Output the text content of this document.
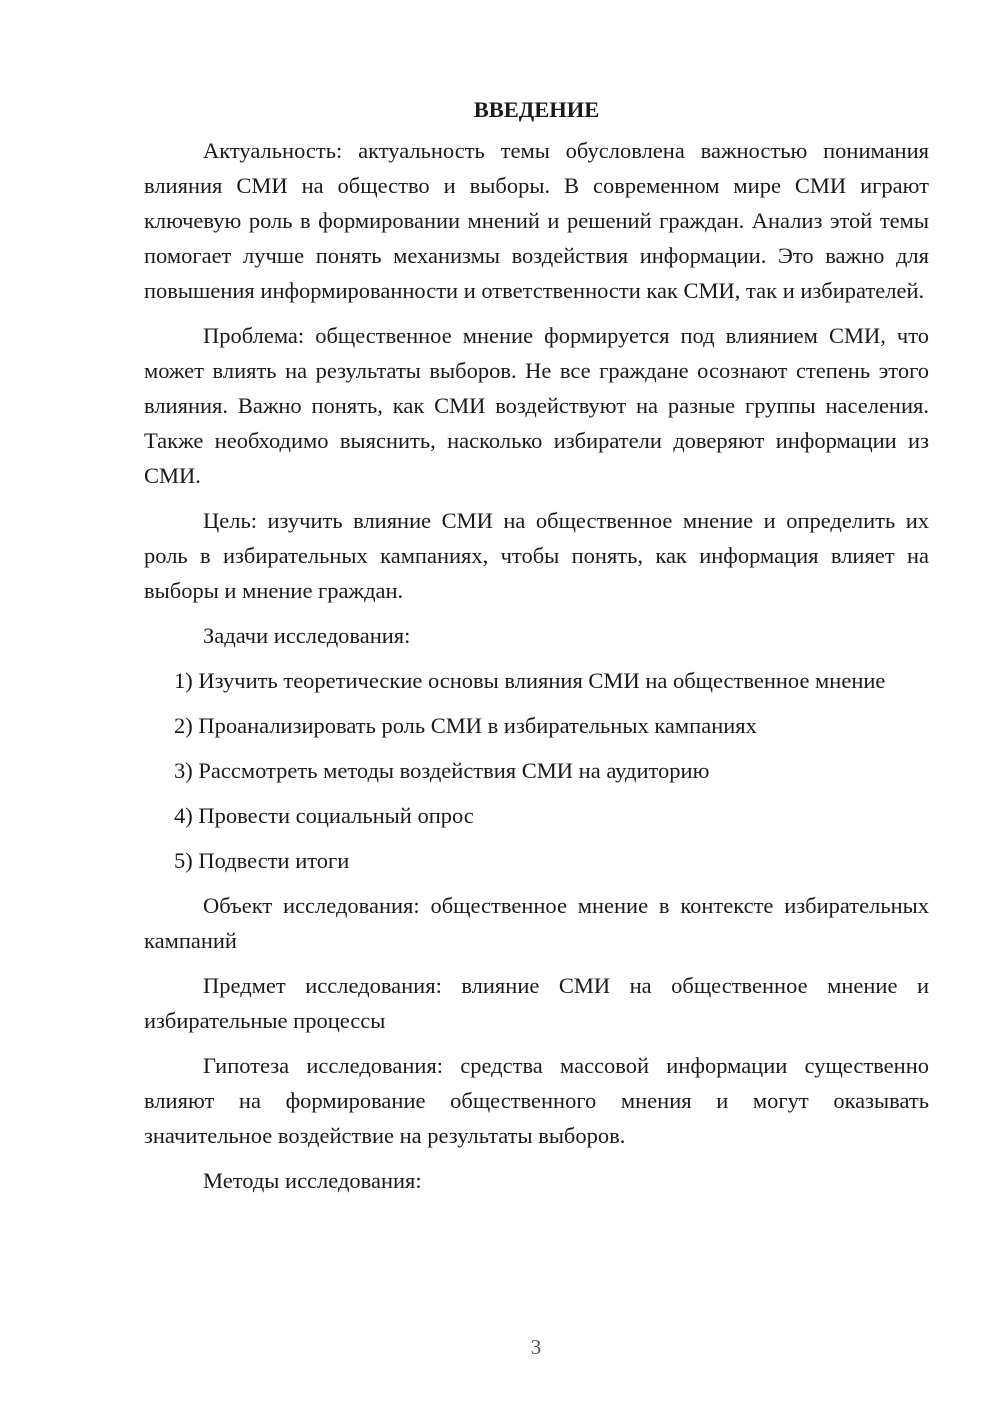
ВВЕДЕНИЕ

Актуальность: актуальность темы обусловлена важностью понимания влияния СМИ на общество и выборы. В современном мире СМИ играют ключевую роль в формировании мнений и решений граждан. Анализ этой темы помогает лучше понять механизмы воздействия информации. Это важно для повышения информированности и ответственности как СМИ, так и избирателей.

Проблема: общественное мнение формируется под влиянием СМИ, что может влиять на результаты выборов. Не все граждане осознают степень этого влияния. Важно понять, как СМИ воздействуют на разные группы населения. Также необходимо выяснить, насколько избиратели доверяют информации из СМИ.

Цель: изучить влияние СМИ на общественное мнение и определить их роль в избирательных кампаниях, чтобы понять, как информация влияет на выборы и мнение граждан.

Задачи исследования:

1) Изучить теоретические основы влияния СМИ на общественное мнение

2) Проанализировать роль СМИ в избирательных кампаниях

3) Рассмотреть методы воздействия СМИ на аудиторию

4) Провести социальный опрос

5) Подвести итоги

Объект исследования: общественное мнение в контексте избирательных кампаний

Предмет исследования: влияние СМИ на общественное мнение и избирательные процессы

Гипотеза исследования: средства массовой информации существенно влияют на формирование общественного мнения и могут оказывать значительное воздействие на результаты выборов.

Методы исследования:

3
